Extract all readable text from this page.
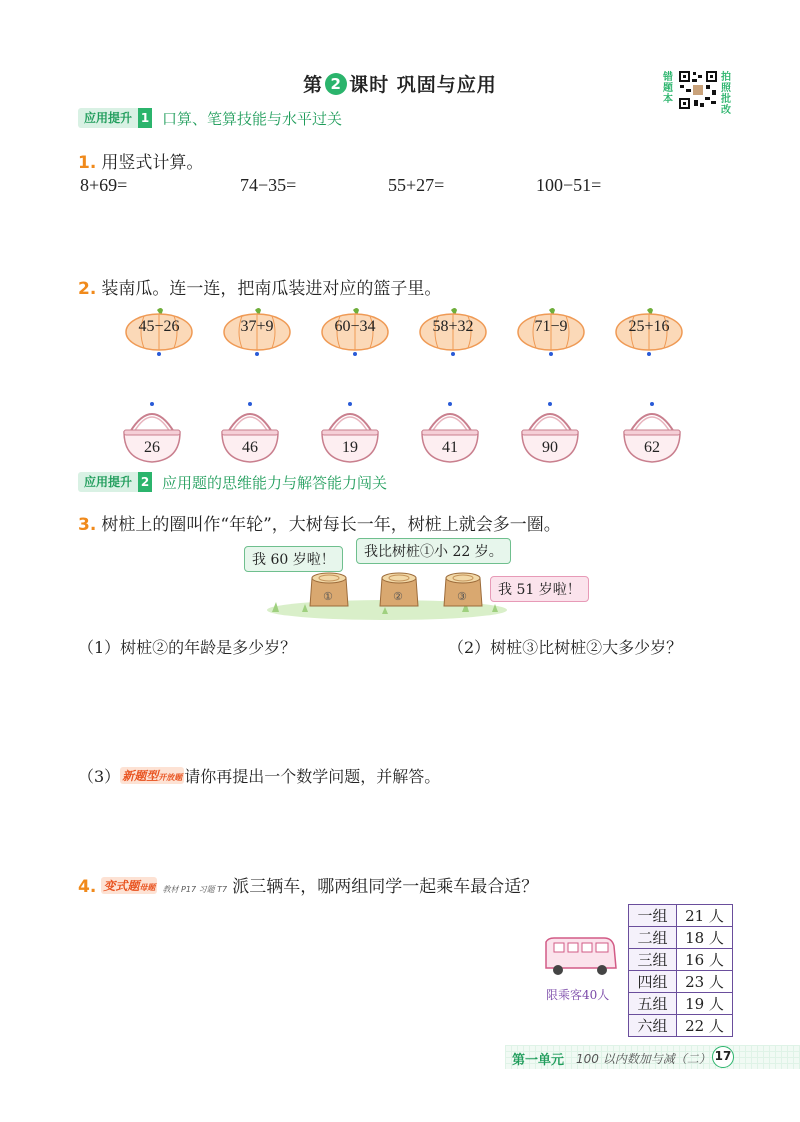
第 2 课时 巩固与应用	错题本
拍照批改
应用提升 1 口算、笔算技能与水平过关
1. 用竖式计算。
8+69=	74−35=	55+27=	100−51=
2. 装南瓜。连一连，把南瓜装进对应的篮子里。
45−26	37+9	60−34	58+32	71−9	25+16
26	46	19	41	90	62
应用提升 2 应用题的思维能力与解答能力闯关
3. 树桩上的圈叫作“年轮”，大树每长一年，树桩上就会多一圈。
①	②	③
我 60 岁啦！	我比树桩①小 22 岁。
我 51 岁啦！
（1）树桩②的年龄是多少岁？	（2）树桩③比树桩②大多少岁？
（3） 新题型开放题 请你再提出一个数学问题，并解答。
4. 变式题母题 教材 P17 习题 T7 派三辆车，哪两组同学一起乘车最合适？
限乘客40人
一组	21 人
二组	18 人
三组	16 人
四组	23 人
五组	19 人
六组	22 人
第一单元 100 以内数加与减（二） 17
